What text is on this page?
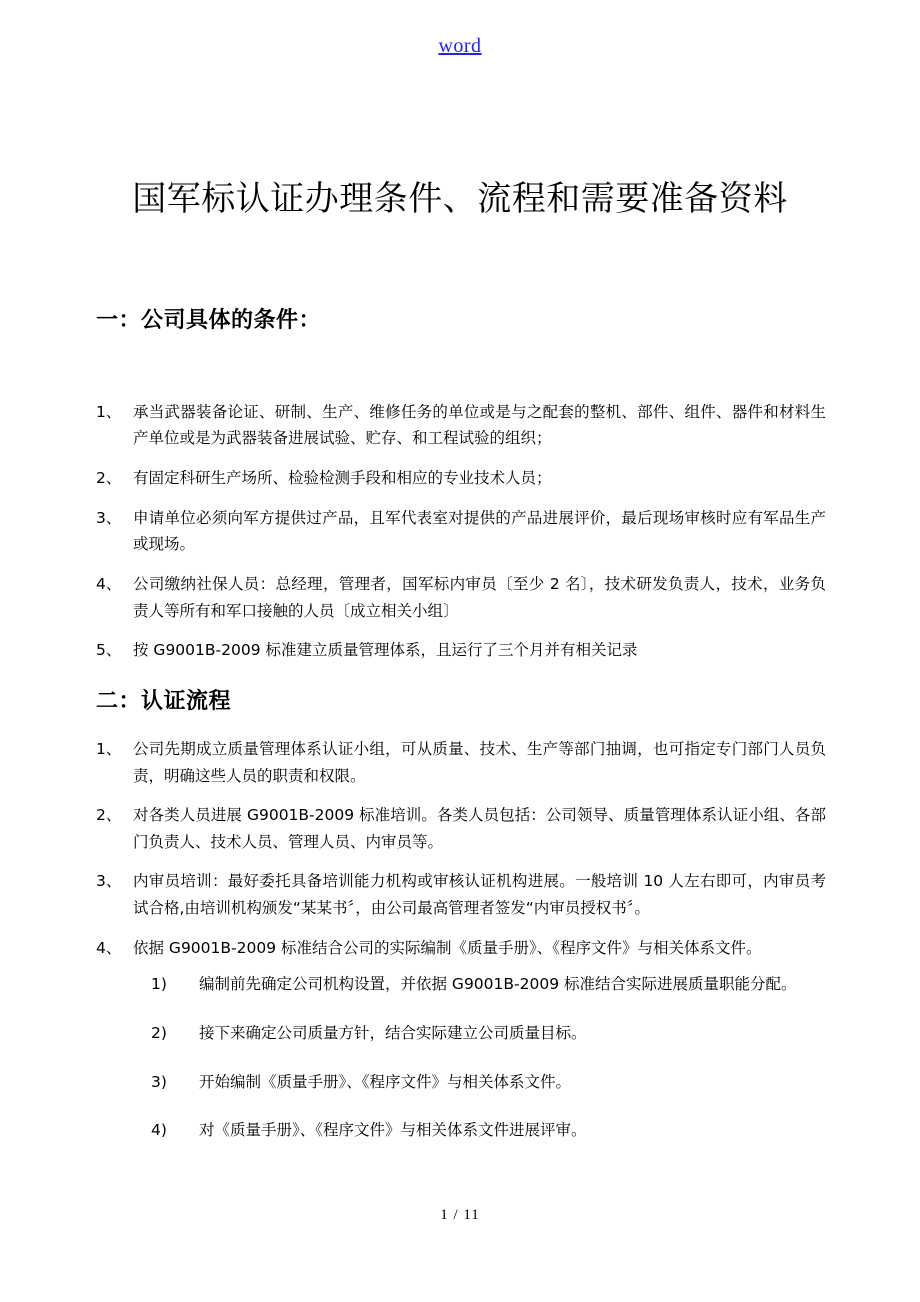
word
国军标认证办理条件、流程和需要准备资料
一：公司具体的条件：
1、 承当武器装备论证、研制、生产、维修任务的单位或是与之配套的整机、部件、组件、器件和材料生产单位或是为武器装备进展试验、贮存、和工程试验的组织；
2、 有固定科研生产场所、检验检测手段和相应的专业技术人员；
3、 申请单位必须向军方提供过产品，且军代表室对提供的产品进展评价，最后现场审核时应有军品生产或现场。
4、 公司缴纳社保人员：总经理，管理者，国军标内审员〔至少 2 名〕，技术研发负责人，技术，业务负责人等所有和军口接触的人员〔成立相关小组〕
5、 按 G9001B-2009 标准建立质量管理体系，且运行了三个月并有相关记录
二：认证流程
1、 公司先期成立质量管理体系认证小组，可从质量、技术、生产等部门抽调，也可指定专门部门人员负责，明确这些人员的职责和权限。
2、 对各类人员进展 G9001B-2009 标准培训。各类人员包括：公司领导、质量管理体系认证小组、各部门负责人、技术人员、管理人员、内审员等。
3、 内审员培训：最好委托具备培训能力机构或审核认证机构进展。一般培训 10 人左右即可，内审员考试合格,由培训机构颁发“某某书〞，由公司最高管理者签发“内审员授权书〞。
4、 依据 G9001B-2009 标准结合公司的实际编制《质量手册》、《程序文件》与相关体系文件。
1)	编制前先确定公司机构设置，并依据 G9001B-2009 标准结合实际进展质量职能分配。
2)	接下来确定公司质量方针，结合实际建立公司质量目标。
3)	开始编制《质量手册》、《程序文件》与相关体系文件。
4)	对《质量手册》、《程序文件》与相关体系文件进展评审。
1 / 11
